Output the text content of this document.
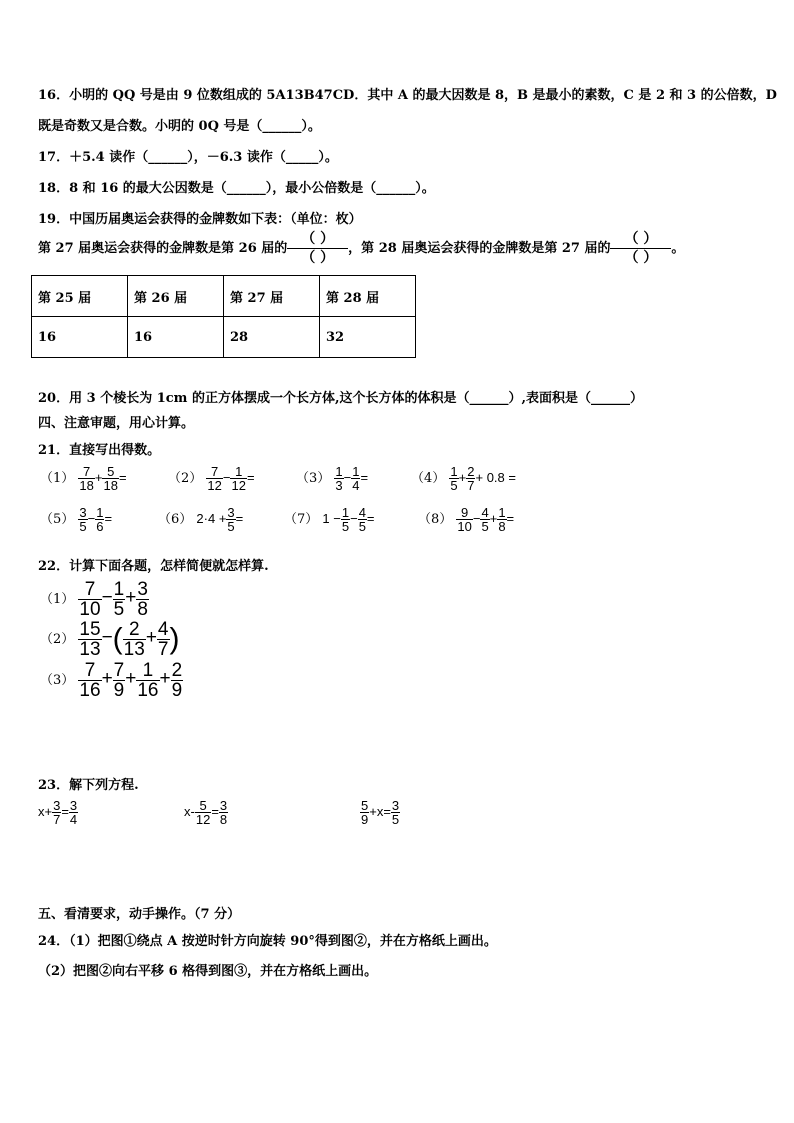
16．小明的 QQ 号是由 9 位数组成的 5A13B47CD．其中 A 的最大因数是 8，B 是最小的素数，C 是 2 和 3 的公倍数，D
既是奇数又是合数。小明的 0Q 号是（______）。
17．＋5.4 读作（______），－6.3 读作（_____）。
18．8 和 16 的最大公因数是（______），最小公倍数是（______）。
19．中国历届奥运会获得的金牌数如下表：（单位：枚）
第 27 届奥运会获得的金牌数是第 26 届的 $\frac{( )}{( )}$ ，第 28 届奥运会获得的金牌数是第 27 届的 $\frac{( )}{( )}$ 。
第 25 届	第 26 届	第 27 届	第 28 届
16	16	28	32
20．用 3 个棱长为 1cm 的正方体摆成一个长方体,这个长方体的体积是（______）,表面积是（______）
四、注意审题，用心计算。
21．直接写出得数。
$(1) \frac{7}{18} + \frac{5}{18}$ =	$(2) \frac{7}{12} - \frac{1}{12}$ =	$(3) \frac{1}{3} - \frac{1}{4}$ =	$(4) \frac{1}{5} + \frac{2}{7} + 0.8$ =
$(5) \frac{3}{5} - \frac{1}{6}$ =	（6） $2\cdot 4 + \frac{3}{5}$ =	（7） $1 - \frac{1}{5} - \frac{4}{5}$ =	$(8) \frac{9}{10} - \frac{4}{5} + \frac{1}{8}$ =
22．计算下面各题，怎样简便就怎样算.
$(1) \frac{7}{10} - \frac{1}{5} + \frac{3}{8}$
$(2) \frac{15}{13}$ −( $\frac{2}{13} + \frac{4}{7}$ )
$(3) \frac{7}{16} + \frac{7}{9} + \frac{1}{16} + \frac{2}{9}$
23．解下列方程.
$x+ \frac{3}{7} = \frac{3}{4}$	$x- \frac{5}{12} = \frac{3}{8}$	$\frac{5}{9} +x= \frac{3}{5}$
五、看清要求，动手操作。（7 分）
24．（1）把图①绕点 A 按逆时针方向旋转 90°得到图②，并在方格纸上画出。
（2）把图②向右平移 6 格得到图③，并在方格纸上画出。
